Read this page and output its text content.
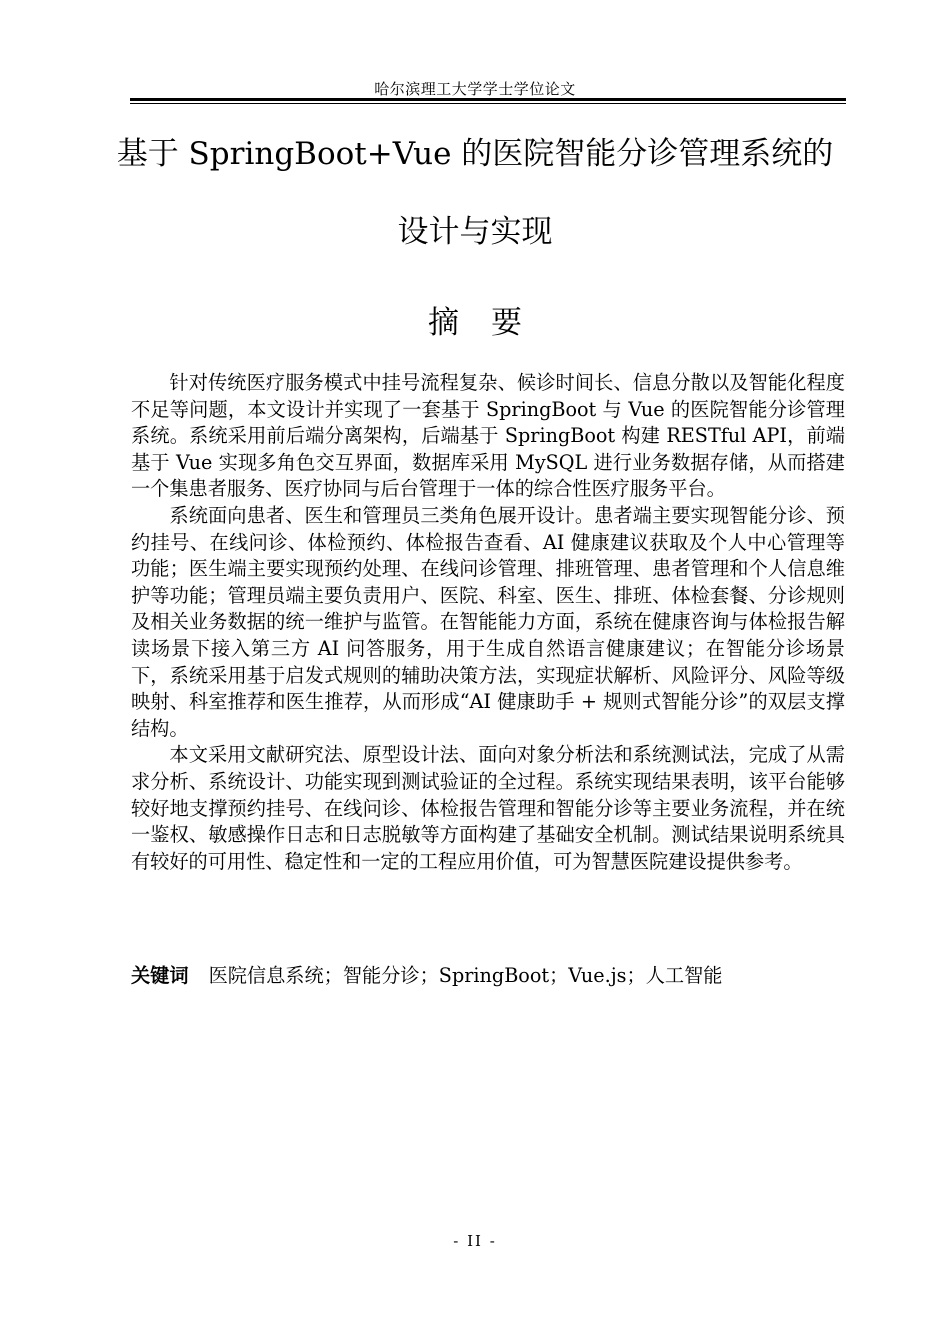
哈尔滨理工大学学士学位论文
基于 SpringBoot+Vue 的医院智能分诊管理系统的
设计与实现
摘要

针对传统医疗服务模式中挂号流程复杂、候诊时间长、信息分散以及智能化程度不足等问题，本文设计并实现了一套基于 SpringBoot 与 Vue 的医院智能分诊管理系统。系统采用前后端分离架构，后端基于 SpringBoot 构建 RESTful API，前端基于 Vue 实现多角色交互界面，数据库采用 MySQL 进行业务数据存储，从而搭建一个集患者服务、医疗协同与后台管理于一体的综合性医疗服务平台。

系统面向患者、医生和管理员三类角色展开设计。患者端主要实现智能分诊、预约挂号、在线问诊、体检预约、体检报告查看、AI 健康建议获取及个人中心管理等功能；医生端主要实现预约处理、在线问诊管理、排班管理、患者管理和个人信息维护等功能；管理员端主要负责用户、医院、科室、医生、排班、体检套餐、分诊规则及相关业务数据的统一维护与监管。在智能能力方面，系统在健康咨询与体检报告解读场景下接入第三方 AI 问答服务，用于生成自然语言健康建议；在智能分诊场景下，系统采用基于启发式规则的辅助决策方法，实现症状解析、风险评分、风险等级映射、科室推荐和医生推荐，从而形成“AI 健康助手 + 规则式智能分诊”的双层支撑结构。

本文采用文献研究法、原型设计法、面向对象分析法和系统测试法，完成了从需求分析、系统设计、功能实现到测试验证的全过程。系统实现结果表明，该平台能够较好地支撑预约挂号、在线问诊、体检报告管理和智能分诊等主要业务流程，并在统一鉴权、敏感操作日志和日志脱敏等方面构建了基础安全机制。测试结果说明系统具有较好的可用性、稳定性和一定的工程应用价值，可为智慧医院建设提供参考。

关键词 医院信息系统；智能分诊；SpringBoot；Vue.js；人工智能
- II -
